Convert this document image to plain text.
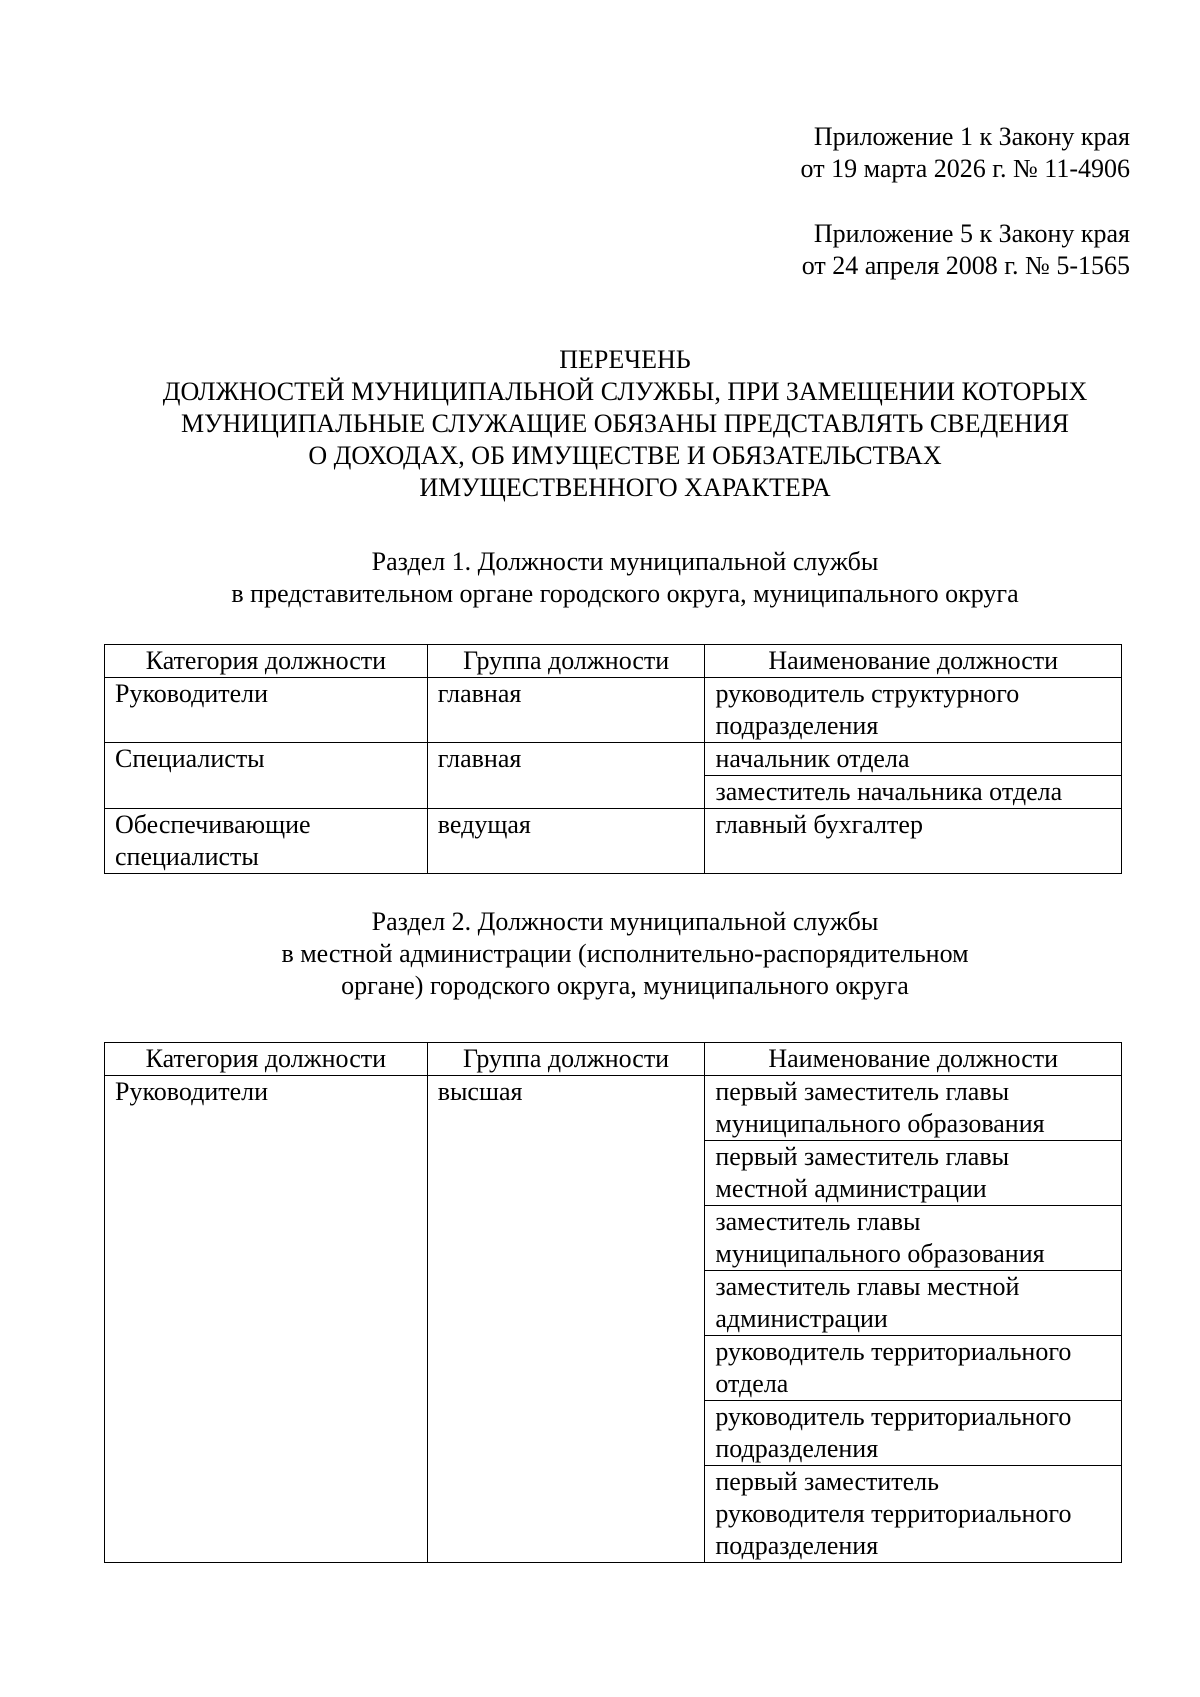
Приложение 1 к Закону края
от 19 марта 2026 г. № 11-4906
Приложение 5 к Закону края
от 24 апреля 2008 г. № 5-1565
ПЕРЕЧЕНЬ
ДОЛЖНОСТЕЙ МУНИЦИПАЛЬНОЙ СЛУЖБЫ, ПРИ ЗАМЕЩЕНИИ КОТОРЫХ
МУНИЦИПАЛЬНЫЕ СЛУЖАЩИЕ ОБЯЗАНЫ ПРЕДСТАВЛЯТЬ СВЕДЕНИЯ
О ДОХОДАХ, ОБ ИМУЩЕСТВЕ И ОБЯЗАТЕЛЬСТВАХ
ИМУЩЕСТВЕННОГО ХАРАКТЕРА
Раздел 1. Должности муниципальной службы
в представительном органе городского округа, муниципального округа
Категория должности	Группа должности	Наименование должности

Руководители	главная	руководитель структурного
подразделения

Специалисты	главная	начальник отдела

		заместитель начальника отдела

Обеспечивающие
специалисты	ведущая	главный бухгалтер
Раздел 2. Должности муниципальной службы
в местной администрации (исполнительно-распорядительном
органе) городского округа, муниципального округа
Категория должности	Группа должности	Наименование должности

Руководители	высшая	первый заместитель главы
муниципального образования

		первый заместитель главы
местной администрации

		заместитель главы
муниципального образования

		заместитель главы местной
администрации

		руководитель территориального
отдела

		руководитель территориального
подразделения

		первый заместитель
руководителя территориального
подразделения
